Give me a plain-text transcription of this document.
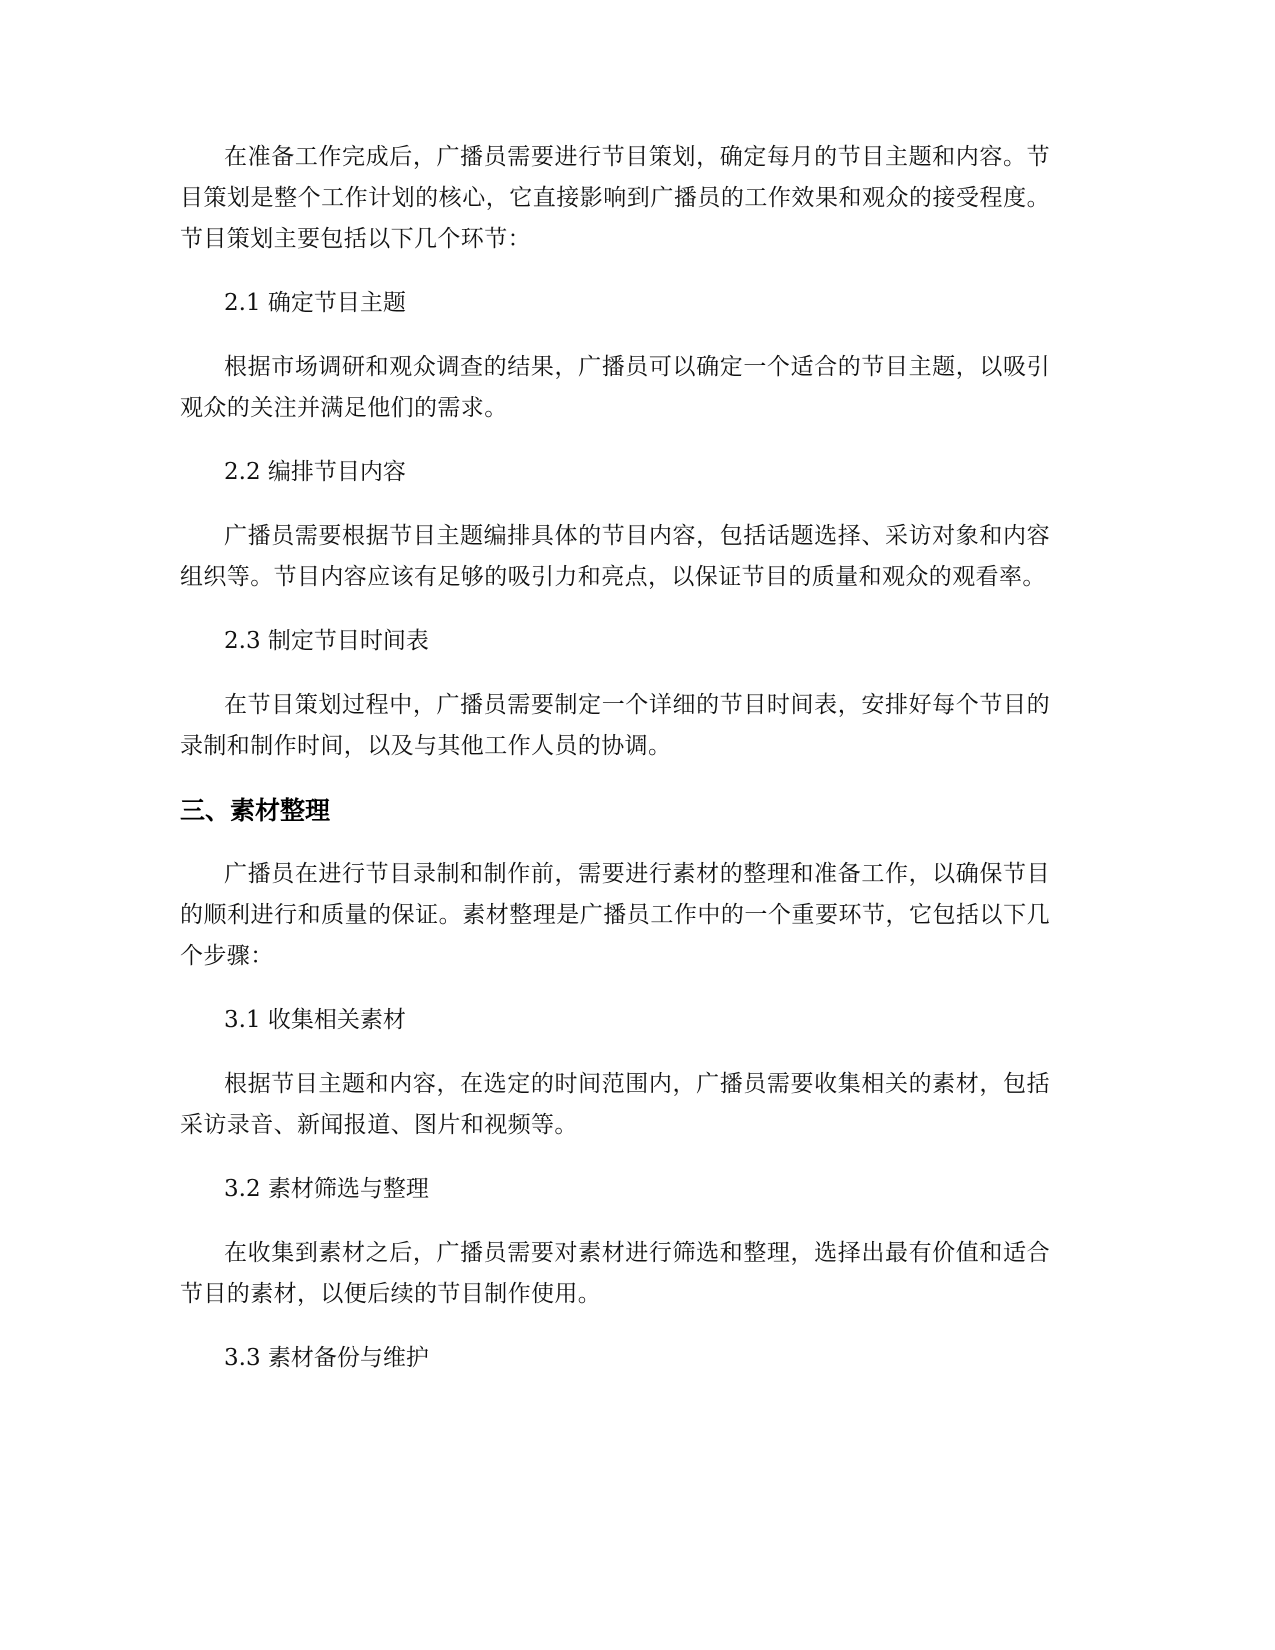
在准备工作完成后，广播员需要进行节目策划，确定每月的节目主题和内容。节目策划是整个工作计划的核心，它直接影响到广播员的工作效果和观众的接受程度。节目策划主要包括以下几个环节：

2.1 确定节目主题

根据市场调研和观众调查的结果，广播员可以确定一个适合的节目主题，以吸引观众的关注并满足他们的需求。

2.2 编排节目内容

广播员需要根据节目主题编排具体的节目内容，包括话题选择、采访对象和内容组织等。节目内容应该有足够的吸引力和亮点，以保证节目的质量和观众的观看率。

2.3 制定节目时间表

在节目策划过程中，广播员需要制定一个详细的节目时间表，安排好每个节目的录制和制作时间，以及与其他工作人员的协调。

三、素材整理

广播员在进行节目录制和制作前，需要进行素材的整理和准备工作，以确保节目的顺利进行和质量的保证。素材整理是广播员工作中的一个重要环节，它包括以下几个步骤：

3.1 收集相关素材

根据节目主题和内容，在选定的时间范围内，广播员需要收集相关的素材，包括采访录音、新闻报道、图片和视频等。

3.2 素材筛选与整理

在收集到素材之后，广播员需要对素材进行筛选和整理，选择出最有价值和适合节目的素材，以便后续的节目制作使用。

3.3 素材备份与维护
